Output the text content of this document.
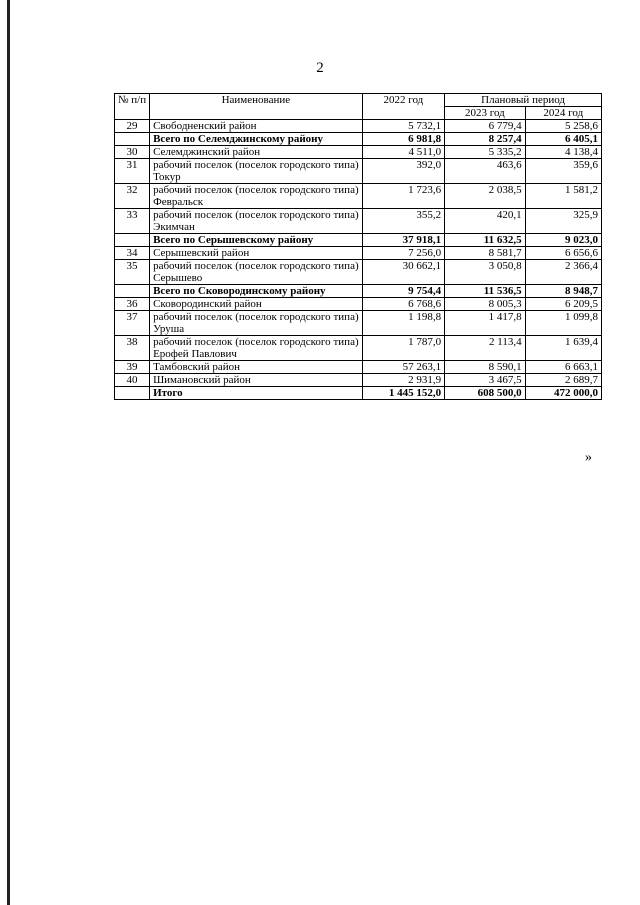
2
№ п/п	Наименование	2022 год	Плановый период	
			2023 год	2024 год
29	Свободненский район	5 732,1	6 779,4	5 258,6
	Всего по Селемджинскому району	6 981,8	8 257,4	6 405,1
30	Селемджинский район	4 511,0	5 335,2	4 138,4
31	рабочий поселок (поселок городского типа) Токур	392,0	463,6	359,6
32	рабочий поселок (поселок городского типа) Февральск	1 723,6	2 038,5	1 581,2
33	рабочий поселок (поселок городского типа) Экимчан	355,2	420,1	325,9
	Всего по Серышевскому району	37 918,1	11 632,5	9 023,0
34	Серышевский район	7 256,0	8 581,7	6 656,6
35	рабочий поселок (поселок городского типа) Серышево	30 662,1	3 050,8	2 366,4
	Всего по Сковородинскому району	9 754,4	11 536,5	8 948,7
36	Сковородинский район	6 768,6	8 005,3	6 209,5
37	рабочий поселок (поселок городского типа) Уруша	1 198,8	1 417,8	1 099,8
38	рабочий поселок (поселок городского типа) Ерофей Павлович	1 787,0	2 113,4	1 639,4
39	Тамбовский район	57 263,1	8 590,1	6 663,1
40	Шимановский район	2 931,9	3 467,5	2 689,7
	Итого	1 445 152,0	608 500,0	472 000,0
»
